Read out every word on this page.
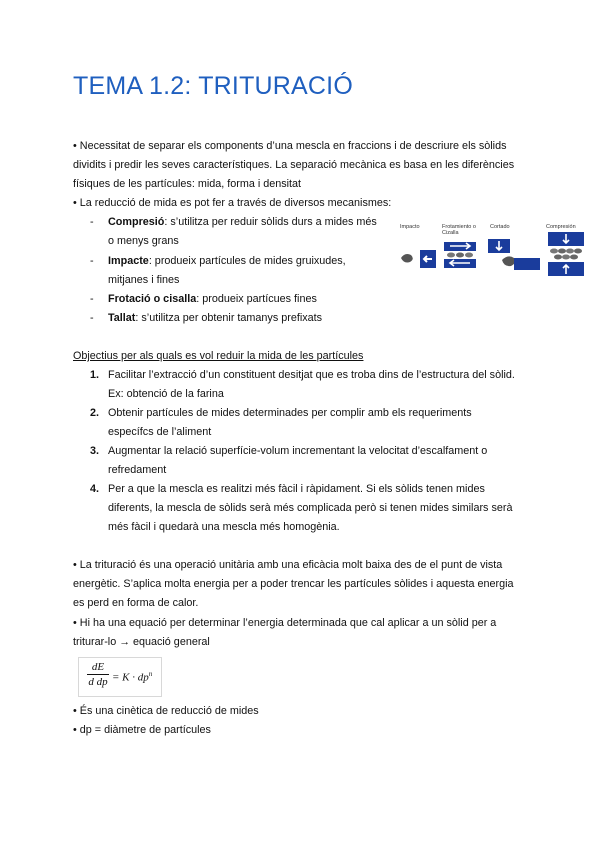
TEMA 1.2: TRITURACIÓ

• Necessitat de separar els components d’una mescla en fraccions i de descriure els sòlids

dividits i predir les seves característiques. La separació mecànica es basa en les diferències

físiques de les partícules: mida, forma i densitat

• La reducció de mida es pot fer a través de diversos mecanismes:

- Compresió: s’utilitza per reduir sòlids durs a mides més

o menys grans

- Impacte: produeix partícules de mides gruixudes,

mitjanes i fines

- Frotació o cisalla: produeix partícues fines

- Tallat: s’utilitza per obtenir tamanys prefixats

Impacto	Frotamiento o Cizalla
Cortado	Compresión

Objectius per als quals es vol reduir la mida de les partícules

1. Facilitar l’extracció d’un constituent desitjat que es troba dins de l’estructura del sòlid.

Ex: obtenció de la farina

2. Obtenir partícules de mides determinades per complir amb els requeriments

específcs de l’aliment

3. Augmentar la relació superfície-volum incrementant la velocitat d’escalfament o

refredament

4. Per a que la mescla es realitzi més fàcil i ràpidament. Si els sòlids tenen mides

diferents, la mescla de sòlids serà més complicada però si tenen mides similars serà

més fàcil i quedarà una mescla més homogènia.

• La trituració és una operació unitària amb una eficàcia molt baixa des de el punt de vista

energètic. S’aplica molta energia per a poder trencar les partícules sòlides i aquesta energia

es perd en forma de calor.

• Hi ha una equació per determinar l’energia determinada que cal aplicar a un sòlid per a

triturar-lo → equació general

dE
d dp = $K \cdot dp^n$

• És una cinètica de reducció de mides

• dp = diàmetre de partícules
